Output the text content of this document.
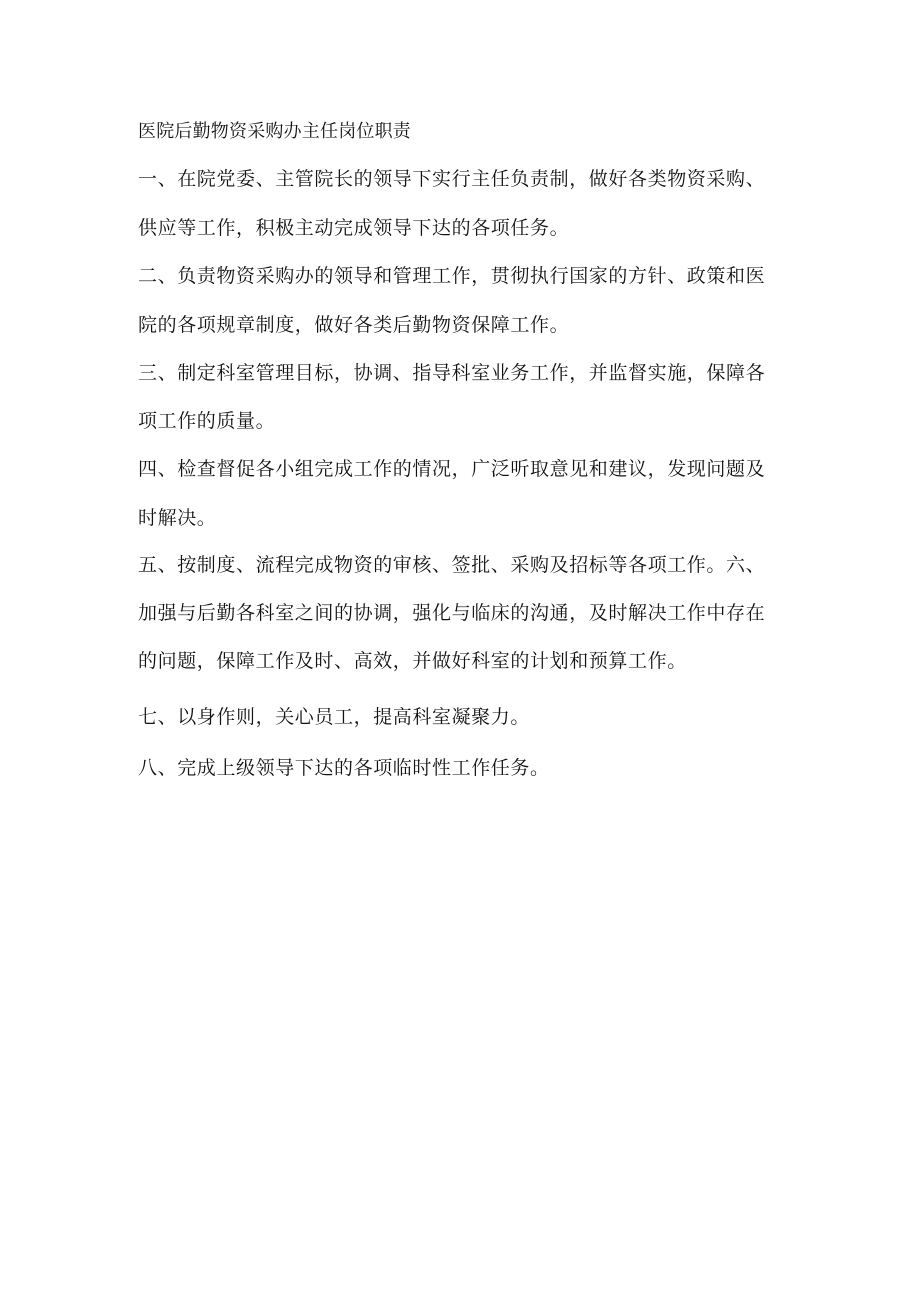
医院后勤物资采购办主任岗位职责
一、在院党委、主管院长的领导下实行主任负责制，做好各类物资采购、
供应等工作，积极主动完成领导下达的各项任务。
二、负责物资采购办的领导和管理工作，贯彻执行国家的方针、政策和医
院的各项规章制度，做好各类后勤物资保障工作。
三、制定科室管理目标，协调、指导科室业务工作，并监督实施，保障各
项工作的质量。
四、检查督促各小组完成工作的情况，广泛听取意见和建议，发现问题及
时解决。
五、按制度、流程完成物资的审核、签批、采购及招标等各项工作。六、
加强与后勤各科室之间的协调，强化与临床的沟通，及时解决工作中存在
的问题，保障工作及时、高效，并做好科室的计划和预算工作。
七、以身作则，关心员工，提高科室凝聚力。
八、完成上级领导下达的各项临时性工作任务。
